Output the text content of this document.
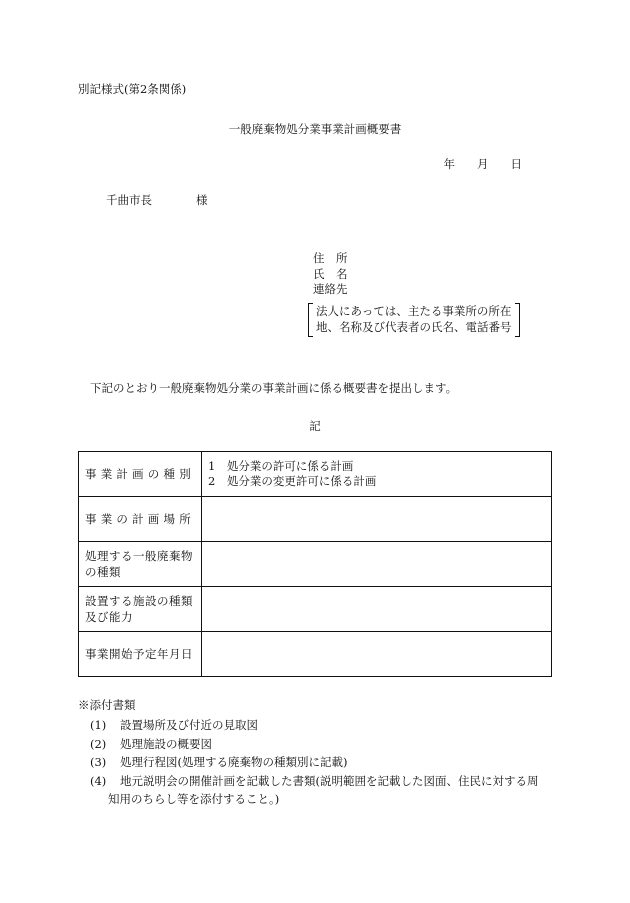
別記様式(第2条関係)
一般廃棄物処分業事業計画概要書
年 月 日
千曲市長	様
住　所
氏　名
連絡先
法人にあっては、主たる事業所の所在
地、名称及び代表者の氏名、電話番号
下記のとおり一般廃棄物処分業の事業計画に係る概要書を提出します。
記
事業計画の種別	1　処分業の許可に係る計画
2　処分業の変更許可に係る計画

事業の計画場所	
処理する一般廃棄物の種類	
設置する施設の種類及び能力	
事業開始予定年月日	
※添付書類
(1) 設置場所及び付近の見取図
(2) 処理施設の概要図
(3) 処理行程図(処理する廃棄物の種類別に記載)
(4) 地元説明会の開催計画を記載した書類(説明範囲を記載した図面、住民に対する周
知用のちらし等を添付すること。)
